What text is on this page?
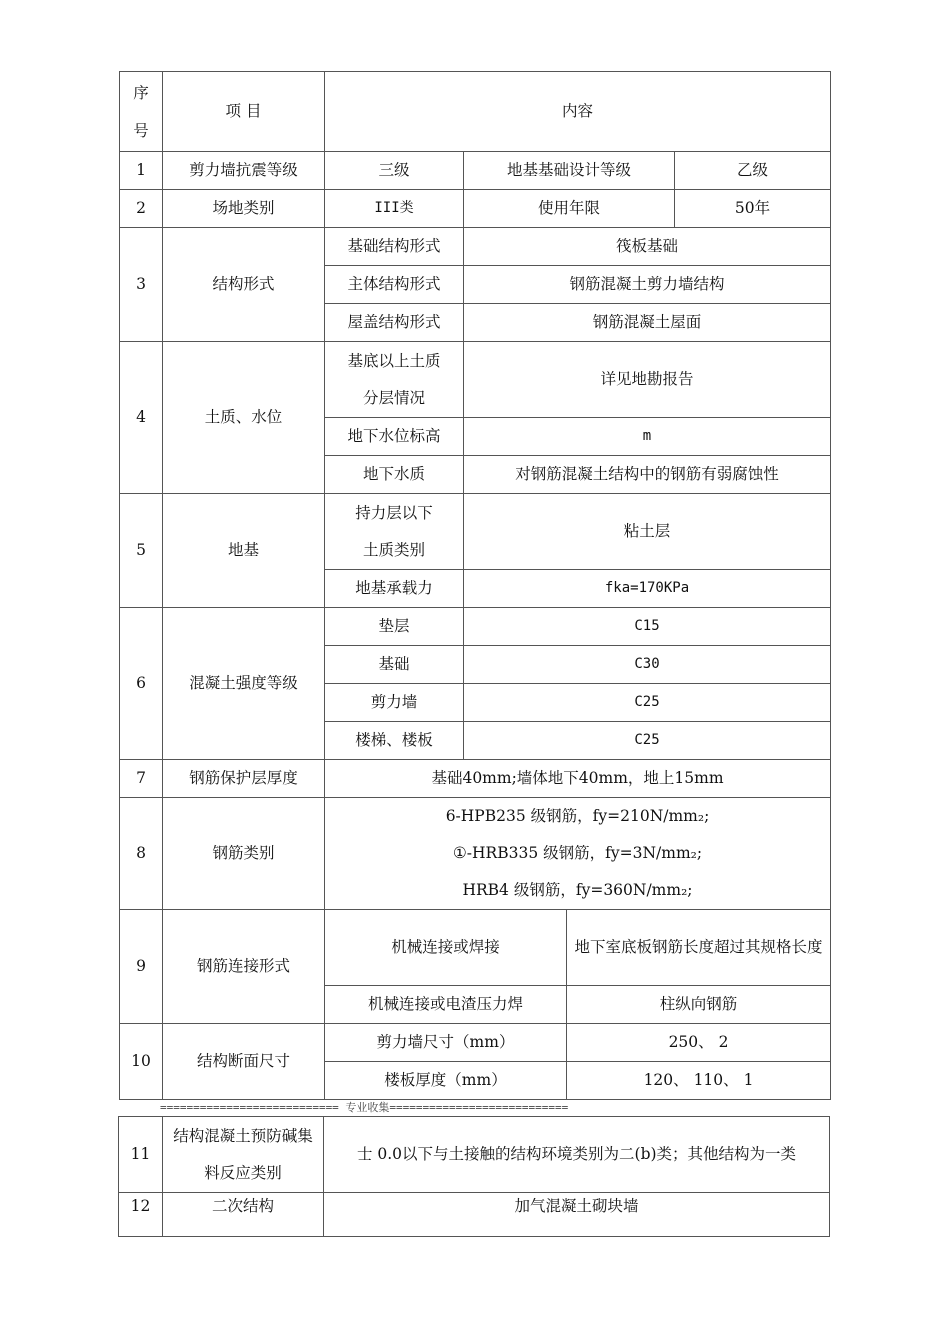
序号	项 目	内容			
1	剪力墙抗震等级	三级	地基基础设计等级		乙级
2	场地类别	III类	使用年限		50年
3	结构形式	基础结构形式	筏板基础		
		主体结构形式	钢筋混凝土剪力墙结构		
		屋盖结构形式	钢筋混凝土屋面		
4	土质、水位	基底以上土质分层情况	详见地勘报告		
		地下水位标高	m		
		地下水质	对钢筋混凝土结构中的钢筋有弱腐蚀性		
5	地基	持力层以下土质类别	粘土层		
		地基承载力	fka=170KPa		
6	混凝土强度等级	垫层	C15		
		基础	C30		
		剪力墙	C25		
		楼梯、楼板	C25		
7	钢筋保护层厚度	基础40mm;墙体地下40mm，地上15mm			
8	钢筋类别	6-HPB235 级钢筋，fy=210N/mm₂;
①-HRB335 级钢筋，fy=3N/mm₂;
HRB4 级钢筋，fy=360N/mm₂;			

9	钢筋连接形式	机械连接或焊接		地下室底板钢筋长度超过其规格长度	
		机械连接或电渣压力焊		柱纵向钢筋	
10	结构断面尺寸	剪力墙尺寸（mm）		250、 2	
		楼板厚度（mm）		120、 110、 1	
=========================== 专业收集===========================
11	结构混凝土预防碱集料反应类别	士 0.0以下与土接触的结构环境类别为二(b)类；其他结构为一类
12	二次结构	加气混凝土砌块墙
